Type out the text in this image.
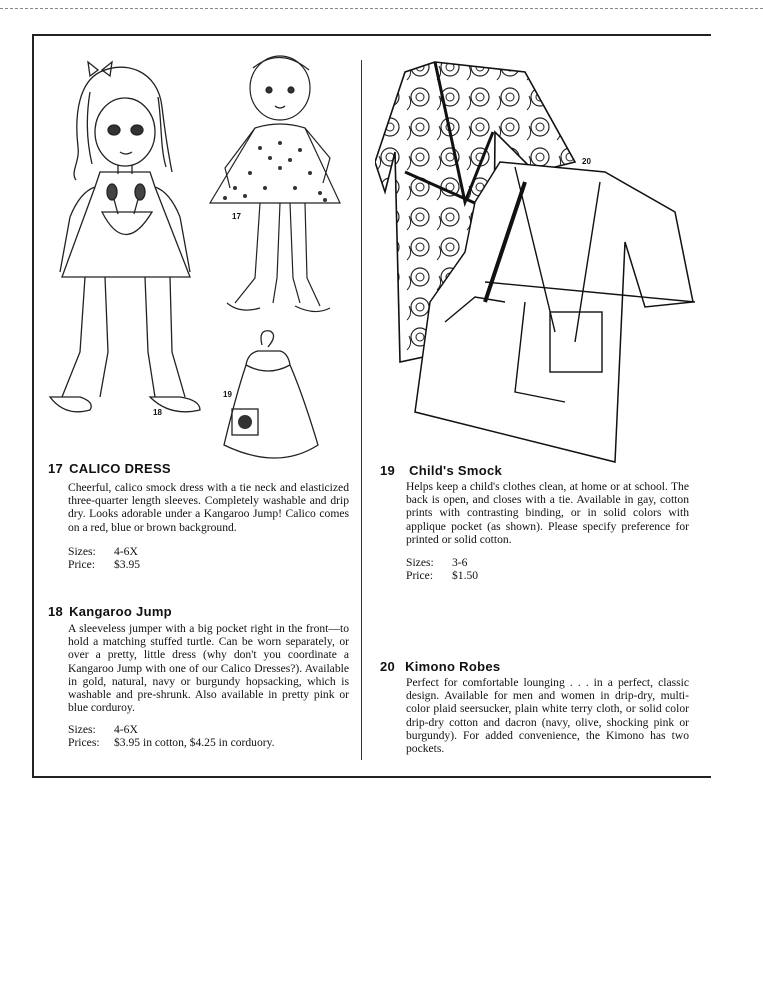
18
17
19
20
17 CALICO DRESS

Cheerful, calico smock dress with a tie neck and elasticized three-quarter length sleeves. Completely washable and drip dry. Looks adorable under a Kangaroo Jump! Calico comes on a red, blue or brown background.

Sizes: 4-6X

Price: $3.95

18 Kangaroo Jump

A sleeveless jumper with a big pocket right in the front—to hold a matching stuffed turtle. Can be worn separately, or over a pretty, little dress (why don't you coordinate a Kangaroo Jump with one of our Calico Dresses?). Available in gold, natural, navy or burgundy hopsacking, which is washable and pre-shrunk. Also available in pretty pink or blue corduroy.

Sizes: 4-6X

Prices: $3.95 in cotton, $4.25 in corduory.

19 Child's Smock

Helps keep a child's clothes clean, at home or at school. The back is open, and closes with a tie. Available in gay, cotton prints with contrasting binding, or in solid colors with applique pocket (as shown). Please specify preference for printed or solid cotton.

Sizes: 3-6

Price: $1.50

20 Kimono Robes

Perfect for comfortable lounging . . . in a perfect, classic design. Available for men and women in drip-dry, multi-color plaid seersucker, plain white terry cloth, or solid color drip-dry cotton and dacron (navy, olive, shocking pink or burgundy). For added convenience, the Kimono has two pockets.
